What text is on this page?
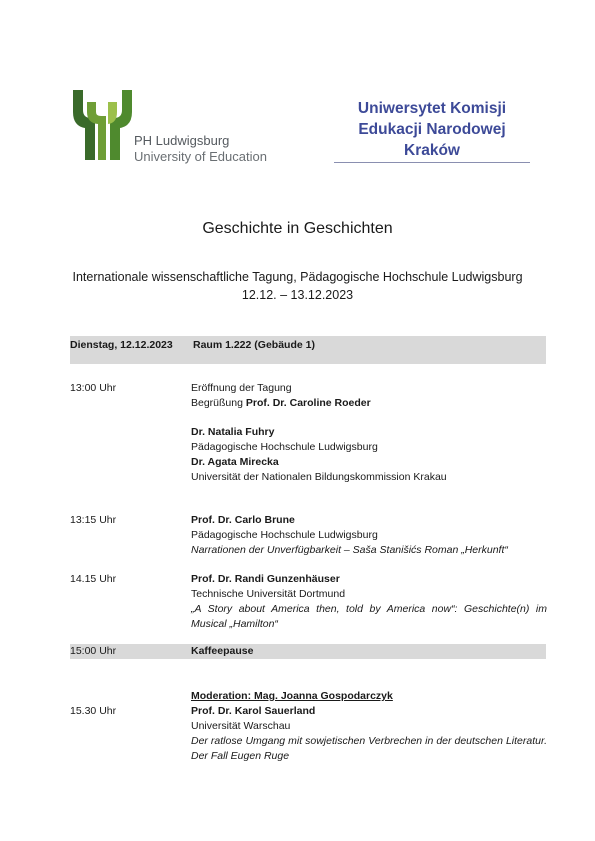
PH Ludwigsburg
University of Education
Uniwersytet Komisji
Edukacji Narodowej
Kraków
Geschichte in Geschichten
Internationale wissenschaftliche Tagung, Pädagogische Hochschule Ludwigsburg
12.12. – 13.12.2023
Dienstag, 12.12.2023 Raum 1.222 (Gebäude 1)
13:00 Uhr	Eröffnung der Tagung
Begrüßung Prof. Dr. Caroline Roeder
Dr. Natalia Fuhry
Pädagogische Hochschule Ludwigsburg
Dr. Agata Mirecka
Universität der Nationalen Bildungskommission Krakau
13:15 Uhr	Prof. Dr. Carlo Brune
Pädagogische Hochschule Ludwigsburg
Narrationen der Unverfügbarkeit – Saša Stanišićs Roman „Herkunft“
14.15 Uhr	Prof. Dr. Randi Gunzenhäuser
Technische Universität Dortmund
„A Story about America then, told by America now“: Geschichte(n) im Musical „Hamilton“
15:00 Uhr	Kaffeepause
Moderation: Mag. Joanna Gospodarczyk
15.30 Uhr	Prof. Dr. Karol Sauerland
Universität Warschau
Der ratlose Umgang mit sowjetischen Verbrechen in der deutschen Literatur. Der Fall Eugen Ruge
